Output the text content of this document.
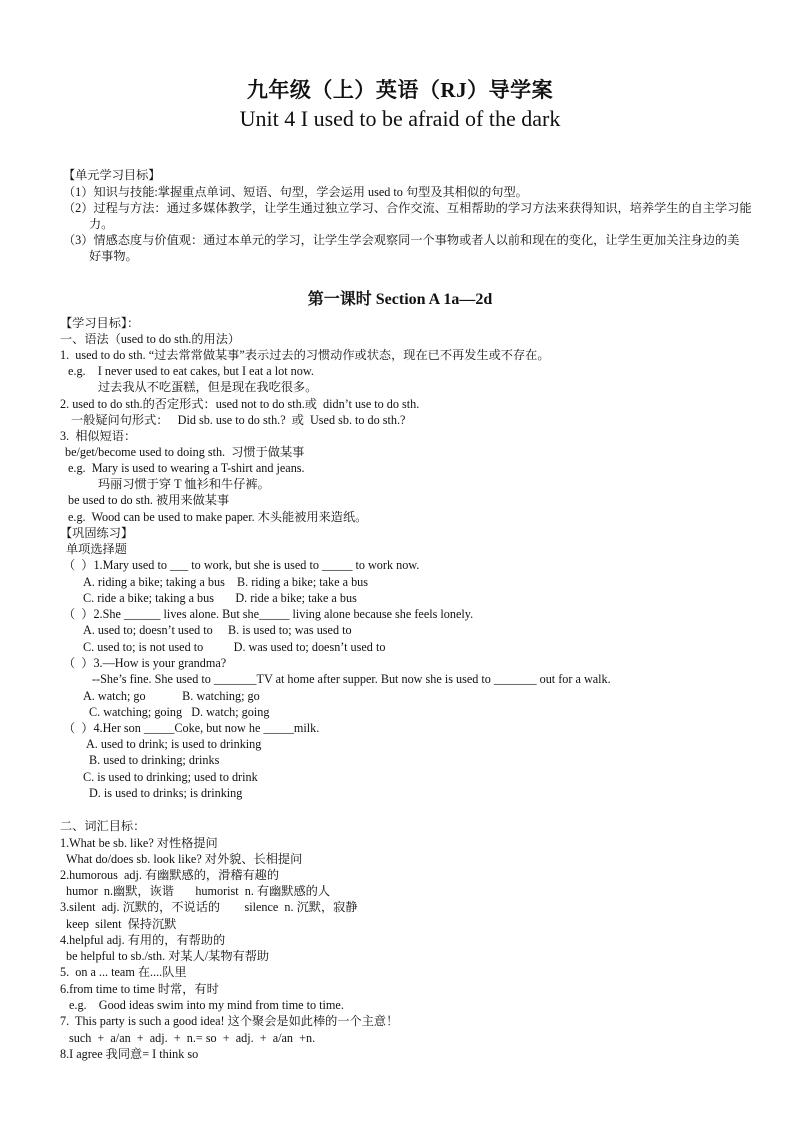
九年级（上）英语（RJ）导学案
Unit 4 I used to be afraid of the dark
【单元学习目标】
（1）知识与技能:掌握重点单词、短语、句型，学会运用 used to 句型及其相似的句型。
（2）过程与方法：通过多媒体教学，让学生通过独立学习、合作交流、互相帮助的学习方法来获得知识，培养学生的自主学习能
力。
（3）情感态度与价值观：通过本单元的学习，让学生学会观察同一个事物或者人以前和现在的变化，让学生更加关注身边的美
好事物。
第一课时 Section A 1a—2d
【学习目标】：
一、语法（used to do sth.的用法）
1.  used to do sth. “过去常常做某事”表示过去的习惯动作或状态，现在已不再发生或不存在。
e.g.    I never used to eat cakes, but I eat a lot now.
过去我从不吃蛋糕，但是现在我吃很多。
2. used to do sth.的否定形式：used not to do sth.或  didn’t use to do sth.
一般疑问句形式：   Did sb. use to do sth.?  或  Used sb. to do sth.?
3.  相似短语：
be/get/become used to doing sth.  习惯于做某事
e.g.  Mary is used to wearing a T-shirt and jeans.
玛丽习惯于穿 T 恤衫和牛仔裤。
be used to do sth. 被用来做某事
e.g.  Wood can be used to make paper. 木头能被用来造纸。
【巩固练习】
单项选择题
（  ）1.Mary used to ___ to work, but she is used to _____ to work now.
A. riding a bike; taking a bus    B. riding a bike; take a bus
C. ride a bike; taking a bus       D. ride a bike; take a bus
（  ）2.She ______ lives alone. But she_____ living alone because she feels lonely.
A. used to; doesn’t used to     B. is used to; was used to
C. used to; is not used to          D. was used to; doesn’t used to
（  ）3.—How is your grandma?
--She’s fine. She used to _______TV at home after supper. But now she is used to _______ out for a walk.
A. watch; go            B. watching; go
C. watching; going   D. watch; going
（  ）4.Her son _____Coke, but now he _____milk.
A. used to drink; is used to drinking
B. used to drinking; drinks
C. is used to drinking; used to drink
D. is used to drinks; is drinking
二、词汇目标：
1.What be sb. like? 对性格提问
What do/does sb. look like? 对外貌、长相提问
2.humorous  adj. 有幽默感的，滑稽有趣的
humor  n.幽默，诙谐       humorist  n. 有幽默感的人
3.silent  adj. 沉默的，不说话的        silence  n. 沉默，寂静
keep  silent  保持沉默
4.helpful adj. 有用的，有帮助的
be helpful to sb./sth. 对某人/某物有帮助
5.  on a ... team 在....队里
6.from time to time 时常，有时
e.g.    Good ideas swim into my mind from time to time.
7.  This party is such a good idea! 这个聚会是如此棒的一个主意！
such  +  a/an  +  adj.  +  n.= so  +  adj.  +  a/an  +n.
8.I agree 我同意= I think so
